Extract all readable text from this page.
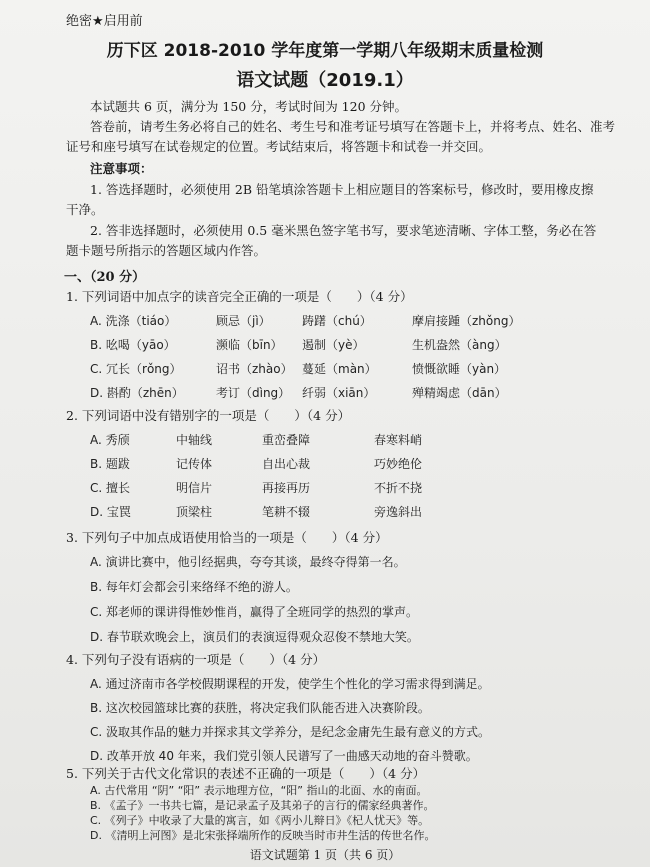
绝密★启用前
历下区 2018-2010 学年度第一学期八年级期末质量检测
语文试题（2019.1）
本试题共 6 页，满分为 150 分，考试时间为 120 分钟。
答卷前，请考生务必将自己的姓名、考生号和准考证号填写在答题卡上，并将考点、姓名、准考
证号和座号填写在试卷规定的位置。考试结束后，将答题卡和试卷一并交回。
注意事项：
1. 答选择题时，必须使用 2B 铅笔填涂答题卡上相应题目的答案标号，修改时，要用橡皮擦
干净。
2. 答非选择题时，必须使用 0.5 毫米黑色签字笔书写，要求笔迹清晰、字体工整，务必在答
题卡题号所指示的答题区域内作答。
一、（20 分）
1. 下列词语中加点字的读音完全正确的一项是（　　）（4 分）
A. 洗涤（tiáo）	顾忌（jì）	踌躇（chú）	摩肩接踵（zhǒng）
B. 吆喝（yāo）	濒临（bīn） 遏制（yè）	生机盎然（àng）
C. 冗长（rǒng）	诏书（zhào） 蔓延（màn）	愤慨欲睡（yàn）
D. 斟酌（zhēn）	考订（dìng） 纤弱（xiān）	殚精竭虑（dān）
2. 下列词语中没有错别字的一项是（　　）（4 分）
A. 秀颀	中轴线	重峦叠障	春寒料峭
B. 题跋	记传体	自出心裁	巧妙绝伦
C. 擅长	明信片	再接再历	不折不挠
D. 宝罠	顶梁柱	笔耕不辍	旁逸斜出
3. 下列句子中加点成语使用恰当的一项是（　　）（4 分）
A. 演讲比赛中，他引经据典，夸夸其谈，最终夺得第一名。
B. 每年灯会都会引来络绎不绝的游人。
C. 郑老师的课讲得惟妙惟肖，赢得了全班同学的热烈的掌声。
D. 春节联欢晚会上，演员们的表演逗得观众忍俊不禁地大笑。
4. 下列句子没有语病的一项是（　　）（4 分）
A. 通过济南市各学校假期课程的开发，使学生个性化的学习需求得到满足。
B. 这次校园篮球比赛的获胜，将决定我们队能否进入决赛阶段。
C. 汲取其作品的魅力并探求其文学养分，是纪念金庸先生最有意义的方式。
D. 改革开放 40 年来，我们党引领人民谱写了一曲感天动地的奋斗赞歌。
5. 下列关于古代文化常识的表述不正确的一项是（　　）（4 分）
语文试题第 1 页（共 6 页）
A. 古代常用 “阴” “阳” 表示地理方位，“阳” 指山的北面、水的南面。
B. 《孟子》一书共七篇，是记录孟子及其弟子的言行的儒家经典著作。
C. 《列子》中收录了大量的寓言，如《两小儿辩日》《杞人忧天》等。
D. 《清明上河图》是北宋张择端所作的反映当时市井生活的传世名作。
